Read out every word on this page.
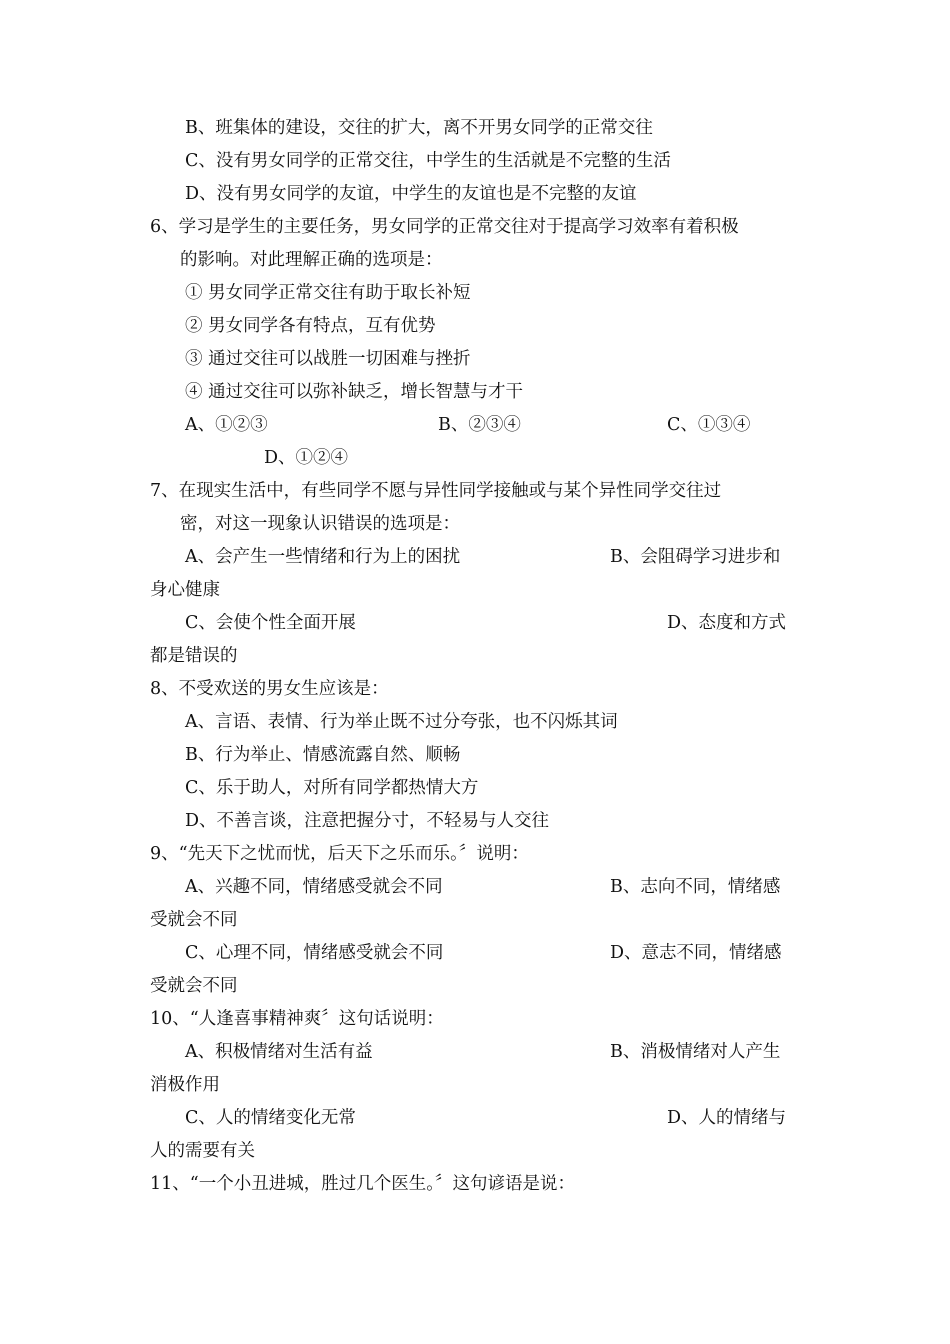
B、班集体的建设，交往的扩大，离不开男女同学的正常交往
C、没有男女同学的正常交往，中学生的生活就是不完整的生活
D、没有男女同学的友谊，中学生的友谊也是不完整的友谊
6、学习是学生的主要任务，男女同学的正常交往对于提高学习效率有着积极
的影响。对此理解正确的选项是：
① 男女同学正常交往有助于取长补短
② 男女同学各有特点，互有优势
③ 通过交往可以战胜一切困难与挫折
④ 通过交往可以弥补缺乏，增长智慧与才干
A、①②③	B、②③④	C、①③④
D、①②④
7、在现实生活中，有些同学不愿与异性同学接触或与某个异性同学交往过
密，对这一现象认识错误的选项是：
A、会产生一些情绪和行为上的困扰	B、会阻碍学习进步和
身心健康
C、会使个性全面开展	D、态度和方式
都是错误的
8、不受欢送的男女生应该是：
A、言语、表情、行为举止既不过分夸张，也不闪烁其词
B、行为举止、情感流露自然、顺畅
C、乐于助人，对所有同学都热情大方
D、不善言谈，注意把握分寸，不轻易与人交往
9、“先天下之忧而忧，后天下之乐而乐。〞说明：
A、兴趣不同，情绪感受就会不同	B、志向不同，情绪感
受就会不同
C、心理不同，情绪感受就会不同	D、意志不同，情绪感
受就会不同
10、“人逢喜事精神爽〞这句话说明：
A、积极情绪对生活有益	B、消极情绪对人产生
消极作用
C、人的情绪变化无常	D、人的情绪与
人的需要有关
11、“一个小丑进城，胜过几个医生。〞这句谚语是说：
